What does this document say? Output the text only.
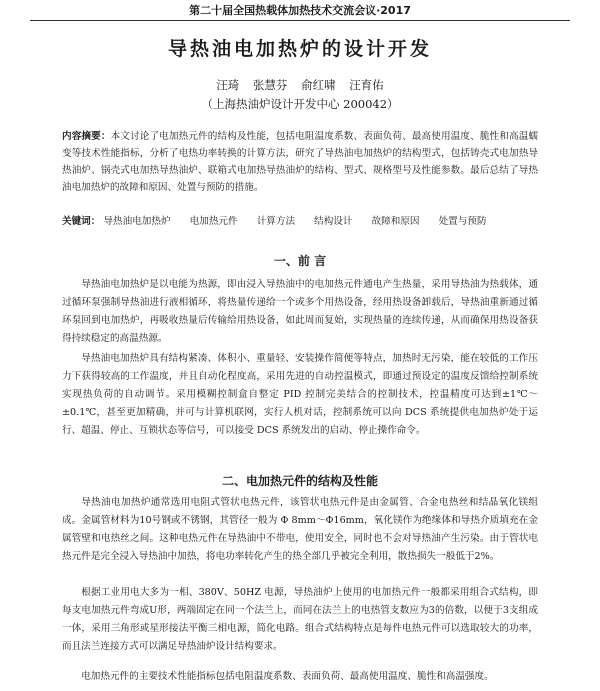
第二十届全国热载体加热技术交流会议·2017
导热油电加热炉的设计开发
汪琦 张慧芬 俞红啸 汪育佑
（上海热油炉设计开发中心 200042）
内容摘要：本文讨论了电加热元件的结构及性能，包括电阻温度系数、表面负荷、最高使用温度、脆性和高温蠕变等技术性能指标，分析了电热功率转换的计算方法，研究了导热油电加热炉的结构型式，包括铸壳式电加热导热油炉、锅壳式电加热导热油炉、联箱式电加热导热油炉的结构、型式、规格型号及性能参数。最后总结了导热油电加热炉的故障和原因、处置与预防的措施。
关键词： 导热油电加热炉 电加热元件 计算方法 结构设计 故障和原因 处置与预防
一、前 言
导热油电加热炉是以电能为热源，即由浸入导热油中的电加热元件通电产生热量，采用导热油为热载体，通过循环泵强制导热油进行液相循环，将热量传递给一个或多个用热设备，经用热设备卸载后，导热油重新通过循环泵回到电加热炉，再吸收热量后传输给用热设备，如此周而复始，实现热量的连续传递，从而确保用热设备获得持续稳定的高温热源。
导热油电加热炉具有结构紧凑、体积小、重量轻、安装操作简便等特点，加热时无污染，能在较低的工作压力下获得较高的工作温度，并且自动化程度高，采用先进的自动控温模式，即通过预设定的温度反馈给控制系统实现热负荷的自动调节。采用模糊控制盒自整定 PID 控制完美结合的控制技术，控温精度可达到±1℃～±0.1℃，甚至更加精确，并可与计算机联网，实行人机对话，控制系统可以向 DCS 系统提供电加热炉处于运行、超温、停止、互锁状态等信号，可以接受 DCS 系统发出的启动、停止操作命令。
二、电加热元件的结构及性能
导热油电加热炉通常选用电阻式管状电热元件，该管状电热元件是由金属管、合金电热丝和结晶氧化镁组成。金属管材料为10号钢或不锈钢，其管径一般为 Φ 8mm～Φ16mm，氧化镁作为绝缘体和导热介质填充在金属管壁和电热丝之间。这种电热元件在导热油中不带电，使用安全，同时也不会对导热油产生污染。由于管状电热元件是完全浸入导热油中加热，将电功率转化产生的热全部几乎被完全利用，散热损失一般低于2%。
根据工业用电大多为一相、380V、50HZ 电源，导热油炉上使用的电加热元件一般都采用组合式结构，即每支电加热元件弯成U形，两端固定在同一个法兰上，而同在法兰上的电热管支数应为3的倍数，以便于3支组成一体，采用三角形或星形接法平衡三相电源，简化电路。组合式结构特点是每件电热元件可以选取较大的功率，而且法兰连接方式可以满足导热油炉设计结构要求。
电加热元件的主要技术性能指标包括电阻温度系数、表面负荷、最高使用温度、脆性和高温强度。
